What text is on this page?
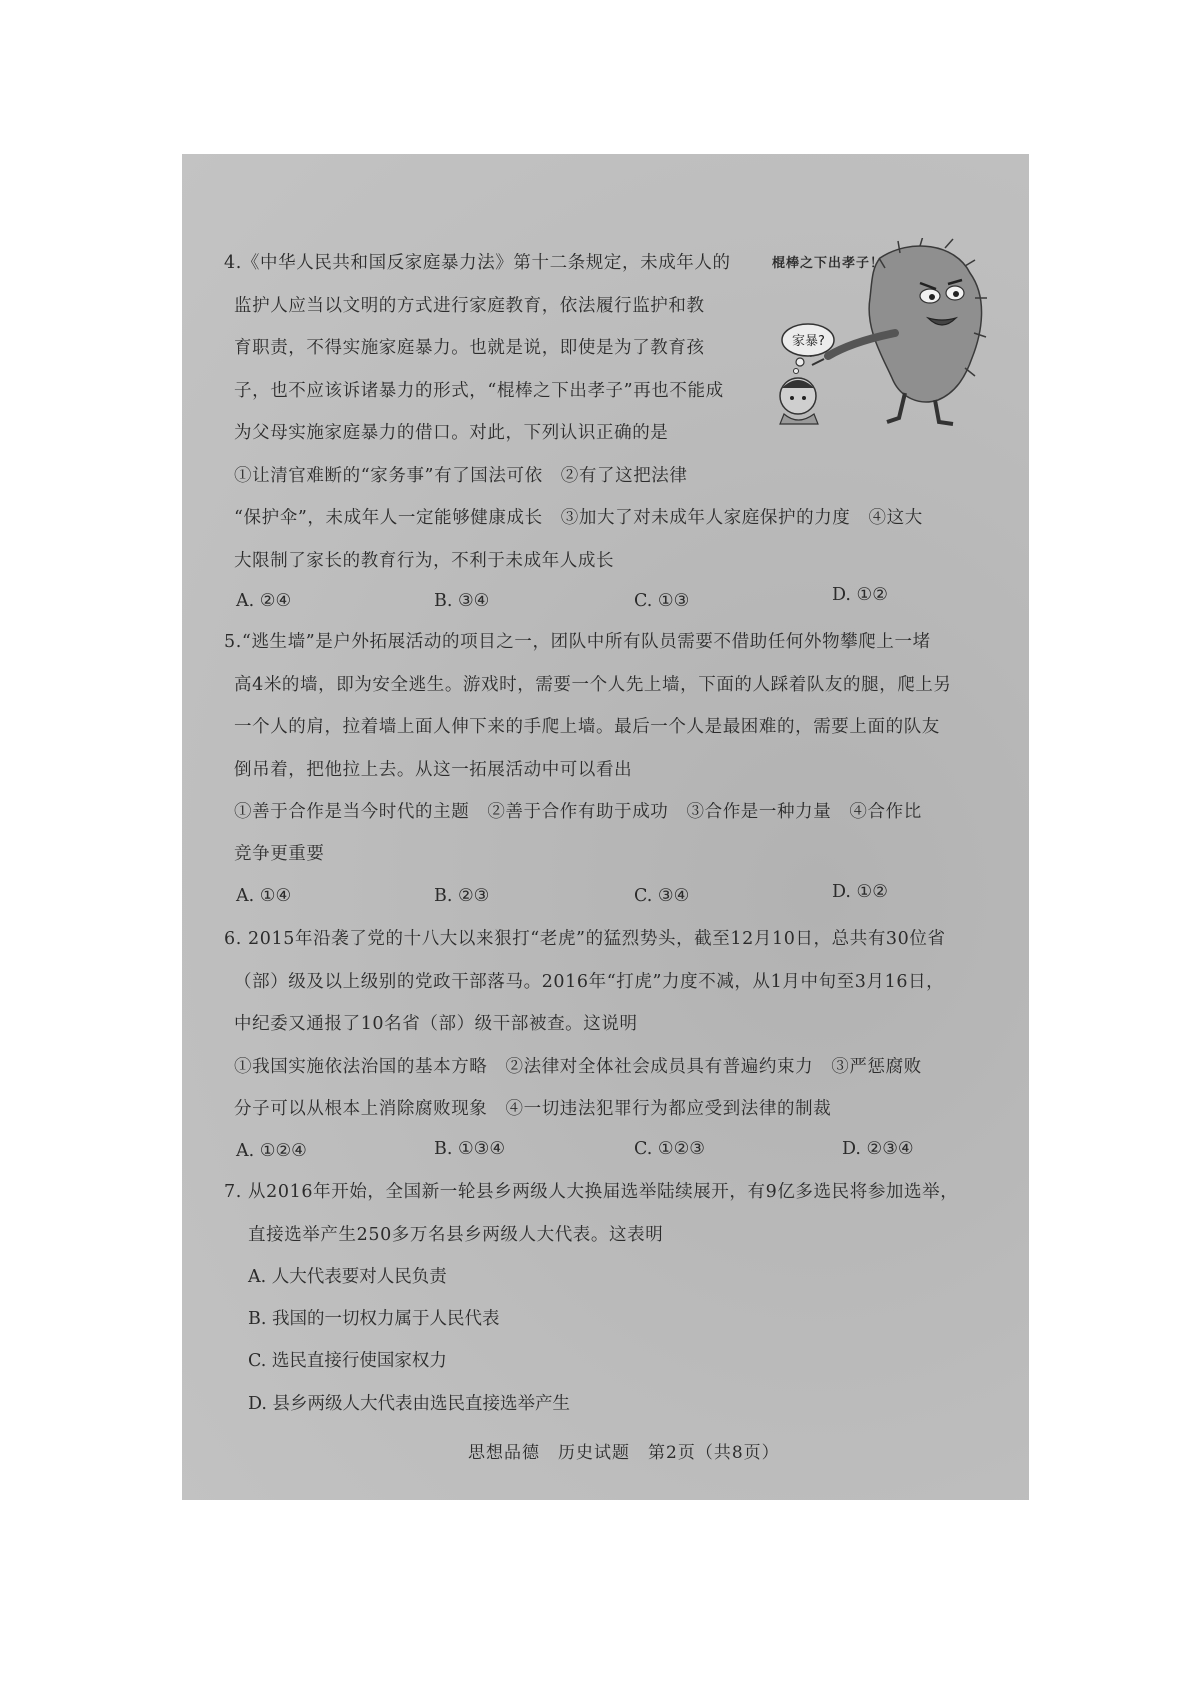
4.《中华人民共和国反家庭暴力法》第十二条规定，未成年人的
监护人应当以文明的方式进行家庭教育，依法履行监护和教
育职责，不得实施家庭暴力。也就是说，即使是为了教育孩
子，也不应该诉诸暴力的形式，“棍棒之下出孝子”再也不能成
为父母实施家庭暴力的借口。对此，下列认识正确的是
①让清官难断的“家务事”有了国法可依　②有了这把法律
“保护伞”，未成年人一定能够健康成长　③加大了对未成年人家庭保护的力度　④这大
大限制了家长的教育行为，不利于未成年人成长
A. ②④	B. ③④	C. ①③	D. ①②
家暴?
棍棒之下出孝子！
5.“逃生墙”是户外拓展活动的项目之一，团队中所有队员需要不借助任何外物攀爬上一堵
高4米的墙，即为安全逃生。游戏时，需要一个人先上墙，下面的人踩着队友的腿，爬上另
一个人的肩，拉着墙上面人伸下来的手爬上墙。最后一个人是最困难的，需要上面的队友
倒吊着，把他拉上去。从这一拓展活动中可以看出
①善于合作是当今时代的主题　②善于合作有助于成功　③合作是一种力量　④合作比
竞争更重要
A. ①④	B. ②③	C. ③④	D. ①②
6. 2015年沿袭了党的十八大以来狠打“老虎”的猛烈势头，截至12月10日，总共有30位省
（部）级及以上级别的党政干部落马。2016年“打虎”力度不减，从1月中旬至3月16日，
中纪委又通报了10名省（部）级干部被查。这说明
①我国实施依法治国的基本方略　②法律对全体社会成员具有普遍约束力　③严惩腐败
分子可以从根本上消除腐败现象　④一切违法犯罪行为都应受到法律的制裁
A. ①②④	B. ①③④	C. ①②③	D. ②③④
7. 从2016年开始，全国新一轮县乡两级人大换届选举陆续展开，有9亿多选民将参加选举，
直接选举产生250多万名县乡两级人大代表。这表明
A. 人大代表要对人民负责
B. 我国的一切权力属于人民代表
C. 选民直接行使国家权力
D. 县乡两级人大代表由选民直接选举产生
思想品德　历史试题　第2页（共8页）
